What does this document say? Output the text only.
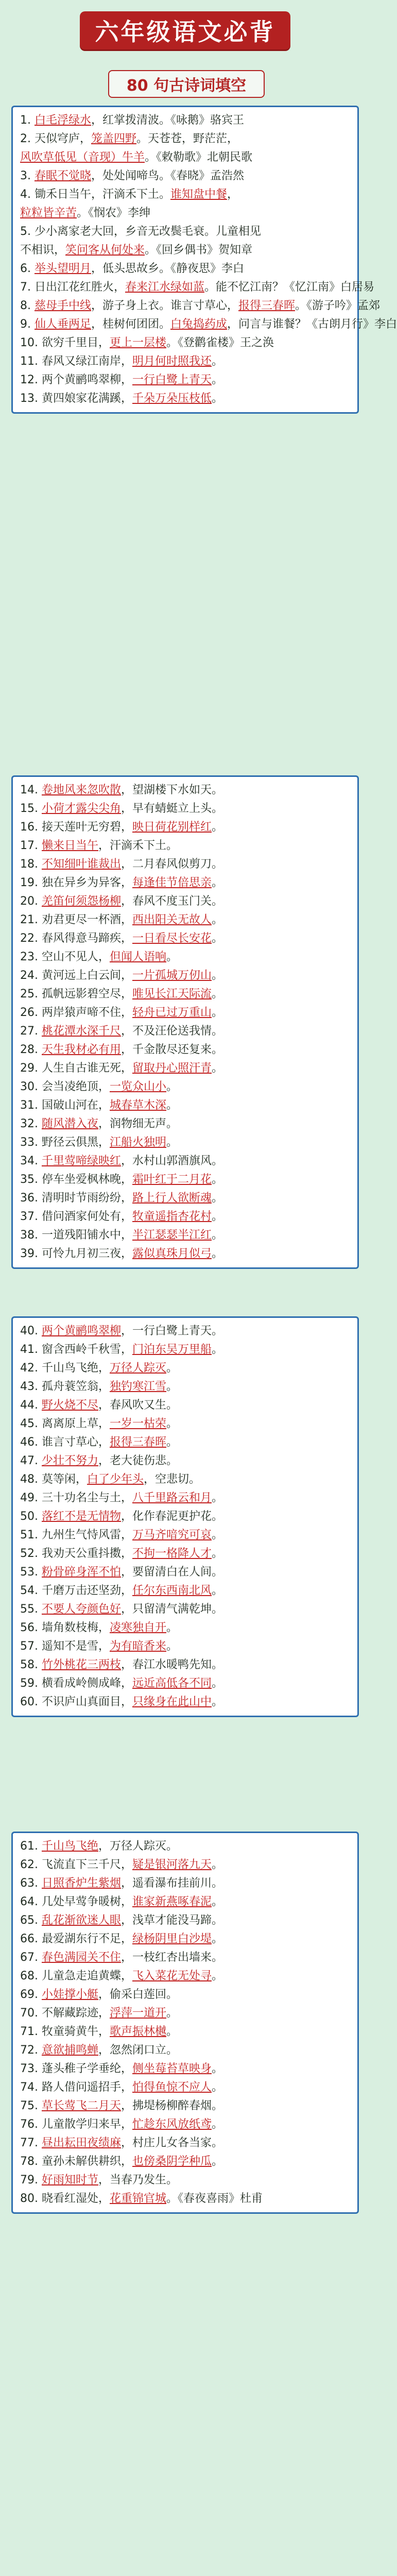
六年级语文必背
80 句古诗词填空
1. 白毛浮绿水，红掌拨清波。《咏鹅》骆宾王
2. 天似穹庐，笼盖四野。天苍苍，野茫茫，
风吹草低见（音现）牛羊。《敕勒歌》北朝民歌
3. 春眠不觉晓，处处闻啼鸟。《春晓》孟浩然
4. 锄禾日当午，汗滴禾下土。谁知盘中餐，
粒粒皆辛苦。《悯农》李绅
5. 少小离家老大回，乡音无改鬓毛衰。儿童相见
不相识，笑问客从何处来。《回乡偶书》贺知章
6. 举头望明月，低头思故乡。《静夜思》李白
7. 日出江花红胜火，春来江水绿如蓝。能不忆江南？《忆江南》白居易
8. 慈母手中线，游子身上衣。谁言寸草心，报得三春晖。《游子吟》孟郊
9. 仙人垂两足，桂树何团团。白兔捣药成，问言与谁餐？《古朗月行》李白
10. 欲穷千里目，更上一层楼。《登鹳雀楼》王之涣
11. 春风又绿江南岸，明月何时照我还。
12. 两个黄鹂鸣翠柳，一行白鹭上青天。
13. 黄四娘家花满蹊，千朵万朵压枝低。
14. 卷地风来忽吹散，望湖楼下水如天。
15. 小荷才露尖尖角，早有蜻蜓立上头。
16. 接天莲叶无穷碧，映日荷花别样红。
17. 懒来日当午，汗滴禾下土。
18. 不知细叶谁裁出，二月春风似剪刀。
19. 独在异乡为异客，每逢佳节倍思亲。
20. 羌笛何须怨杨柳，春风不度玉门关。
21. 劝君更尽一杯酒，西出阳关无故人。
22. 春风得意马蹄疾，一日看尽长安花。
23. 空山不见人，但闻人语响。
24. 黄河远上白云间，一片孤城万仞山。
25. 孤帆远影碧空尽，唯见长江天际流。
26. 两岸猿声啼不住，轻舟已过万重山。
27. 桃花潭水深千尺，不及汪伦送我情。
28. 天生我材必有用，千金散尽还复来。
29. 人生自古谁无死，留取丹心照汗青。
30. 会当凌绝顶，一览众山小。
31. 国破山河在，城春草木深。
32. 随风潜入夜，润物细无声。
33. 野径云俱黑，江船火独明。
34. 千里莺啼绿映红，水村山郭酒旗风。
35. 停车坐爱枫林晚，霜叶红于二月花。
36. 清明时节雨纷纷，路上行人欲断魂。
37. 借问酒家何处有，牧童遥指杏花村。
38. 一道残阳铺水中，半江瑟瑟半江红。
39. 可怜九月初三夜，露似真珠月似弓。
40. 两个黄鹂鸣翠柳，一行白鹭上青天。
41. 窗含西岭千秋雪，门泊东吴万里船。
42. 千山鸟飞绝，万径人踪灭。
43. 孤舟蓑笠翁，独钓寒江雪。
44. 野火烧不尽，春风吹又生。
45. 离离原上草，一岁一枯荣。
46. 谁言寸草心，报得三春晖。
47. 少壮不努力，老大徒伤悲。
48. 莫等闲，白了少年头，空悲切。
49. 三十功名尘与土，八千里路云和月。
50. 落红不是无情物，化作春泥更护花。
51. 九州生气恃风雷，万马齐喑究可哀。
52. 我劝天公重抖擞，不拘一格降人才。
53. 粉骨碎身浑不怕，要留清白在人间。
54. 千磨万击还坚劲，任尔东西南北风。
55. 不要人夸颜色好，只留清气满乾坤。
56. 墙角数枝梅，凌寒独自开。
57. 遥知不是雪，为有暗香来。
58. 竹外桃花三两枝，春江水暖鸭先知。
59. 横看成岭侧成峰，远近高低各不同。
60. 不识庐山真面目，只缘身在此山中。
61. 千山鸟飞绝，万径人踪灭。
62. 飞流直下三千尺，疑是银河落九天。
63. 日照香炉生紫烟，遥看瀑布挂前川。
64. 几处早莺争暖树，谁家新燕啄春泥。
65. 乱花渐欲迷人眼，浅草才能没马蹄。
66. 最爱湖东行不足，绿杨阴里白沙堤。
67. 春色满园关不住，一枝红杏出墙来。
68. 儿童急走追黄蝶，飞入菜花无处寻。
69. 小娃撑小艇，偷采白莲回。
70. 不解藏踪迹，浮萍一道开。
71. 牧童骑黄牛，歌声振林樾。
72. 意欲捕鸣蝉，忽然闭口立。
73. 蓬头稚子学垂纶，侧坐莓苔草映身。
74. 路人借问遥招手，怕得鱼惊不应人。
75. 草长莺飞二月天，拂堤杨柳醉春烟。
76. 儿童散学归来早，忙趁东风放纸鸢。
77. 昼出耘田夜绩麻，村庄儿女各当家。
78. 童孙未解供耕织，也傍桑阴学种瓜。
79. 好雨知时节，当春乃发生。
80. 晓看红湿处，花重锦官城。《春夜喜雨》杜甫
